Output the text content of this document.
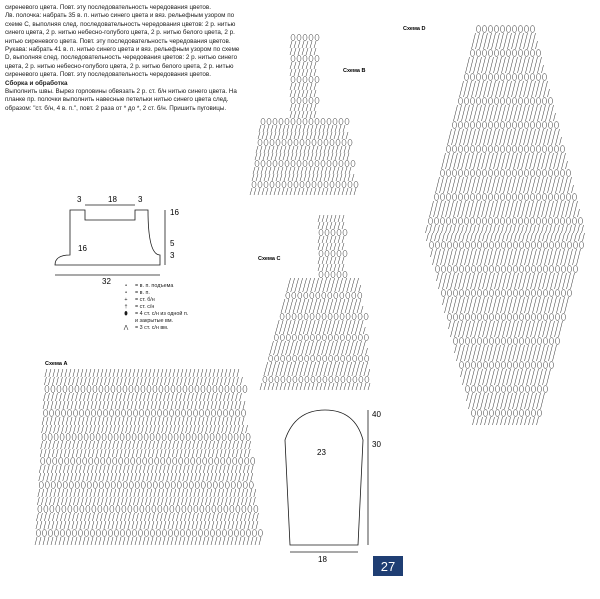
сиреневого цвета. Повт. эту последовательность чередования цветов.

Лв. полочка: набрать 35 в. п. нитью синего цвета и вяз. рельефным узором по схеме С, выполняя след. последовательность чередования цветов: 2 р. нитью синего цвета, 2 р. нитью небесно-голубого цвета, 2 р. нитью белого цвета, 2 р. нитью сиреневого цвета. Повт. эту последовательность чередования цветов.

Рукава: набрать 41 в. п. нитью синего цвета и вяз. рельефным узором по схеме D, выполняя след. последовательность чередования цветов: 2 р. нитью синего цвета, 2 р. нитью небесно-голубого цвета, 2 р. нитью белого цвета, 2 р. нитью сиреневого цвета. Повт. эту последовательность чередования цветов.

Сборка и обработка

Выполнить швы. Вырез горловины обвязать 2 р. ст. б/н нитью синего цвета. На планке пр. полочки выполнить навесные петельки нитью синего цвета след. образом: "ст. б/н, 4 в. п.", повт. 2 раза от * до *, 2 ст. б/н. Пришить пуговицы.

18
3	3
16
16
32
5
3
23
18
40
30
Схема А
Схема B
Схема С
Схема D
∘	= в. п. подъема
∘	= в. п.
+	= ст. б/н
†	= ст. с/н
⬮	= 4 ст. с/н из одной п.
и закрытые вм.
⋀	= 3 ст. с/н вм.
27
